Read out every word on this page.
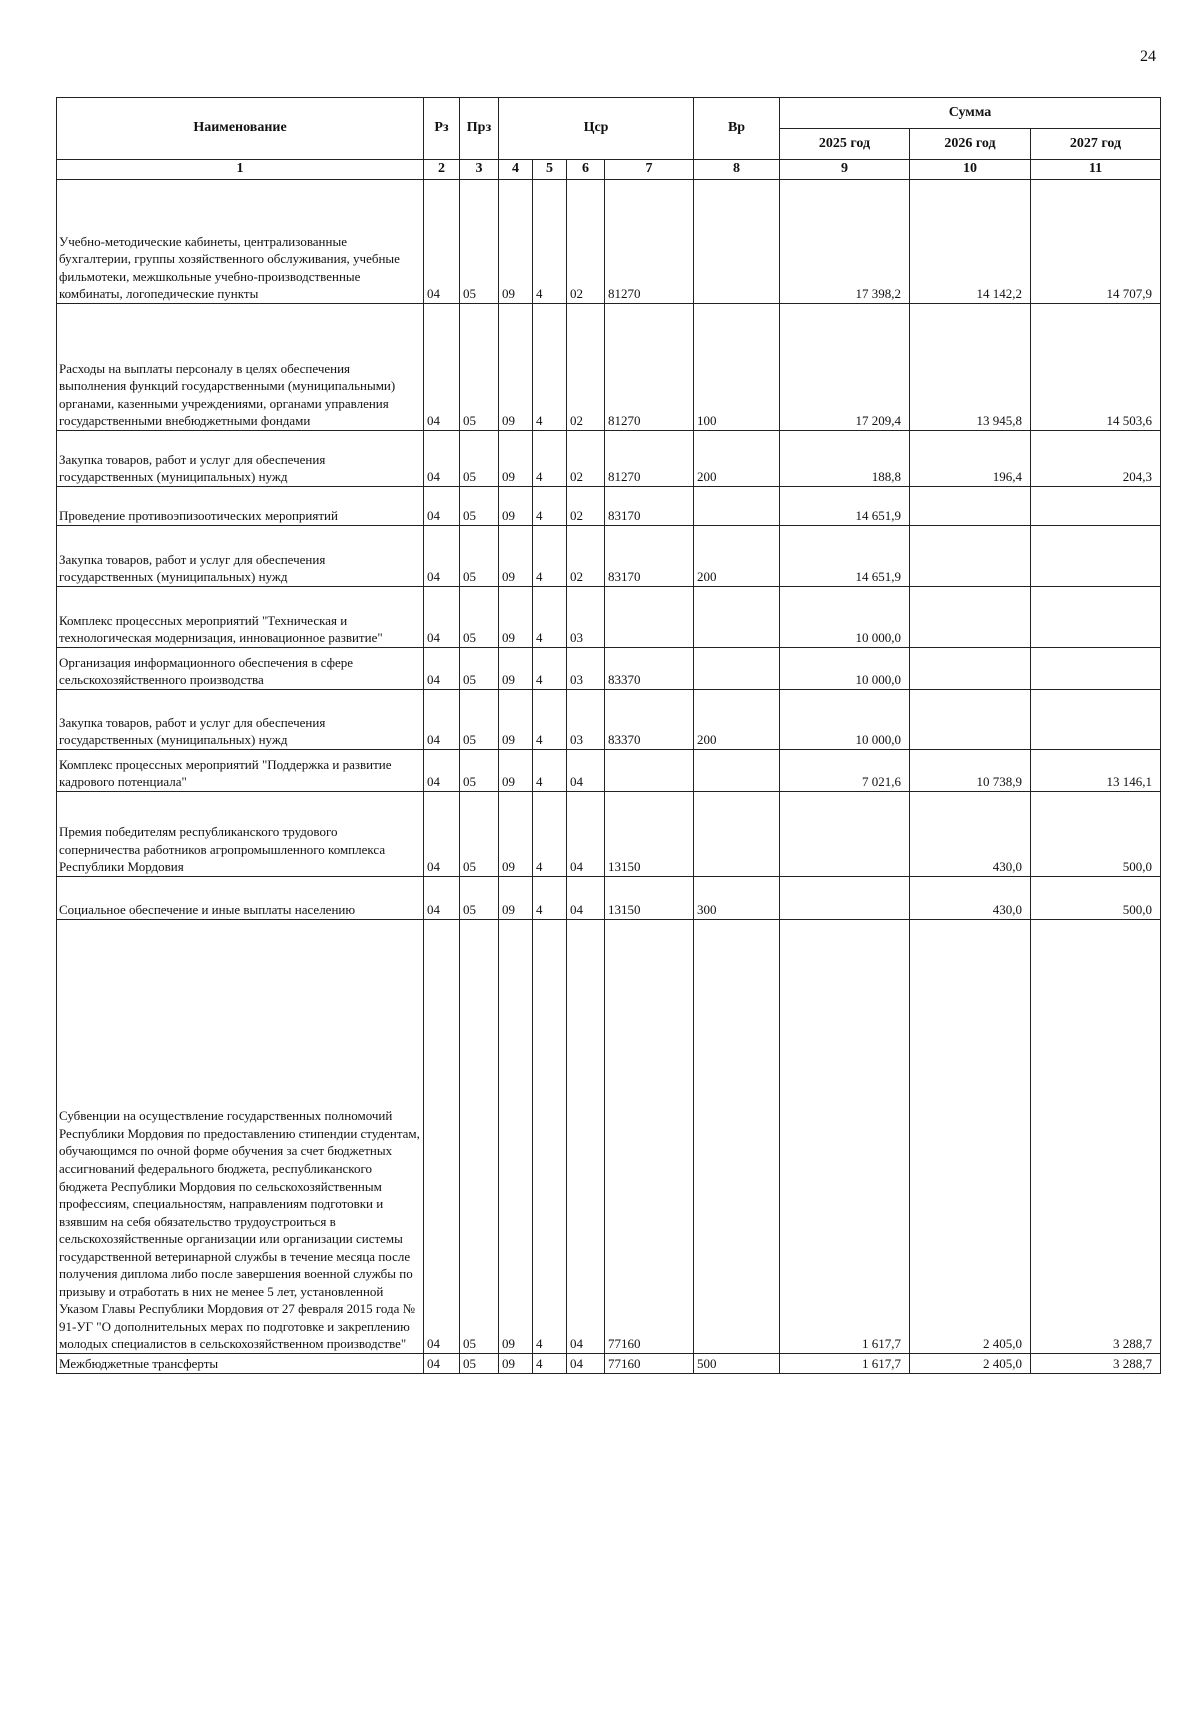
24
Наименование	Рз	Прз	Цср				Вр	Сумма		
								2025 год	2026 год	2027 год
1	2	3	4	5	6	7	8	9	10	11
Учебно-методические кабинеты, централизованные бухгалтерии, группы хозяйственного обслуживания, учебные фильмотеки, межшкольные учебно-производственные комбинаты, логопедические пункты	04	05	09	4	02	81270		17 398,2	14 142,2	14 707,9
Расходы на выплаты персоналу в целях обеспечения выполнения функций государственными (муниципальными) органами, казенными учреждениями, органами управления государственными внебюджетными фондами	04	05	09	4	02	81270	100	17 209,4	13 945,8	14 503,6
Закупка товаров, работ и услуг для обеспечения государственных (муниципальных) нужд	04	05	09	4	02	81270	200	188,8	196,4	204,3
Проведение противоэпизоотических мероприятий	04	05	09	4	02	83170		14 651,9		
Закупка товаров, работ и услуг для обеспечения государственных (муниципальных) нужд	04	05	09	4	02	83170	200	14 651,9		
Комплекс процессных мероприятий "Техническая и технологическая модернизация, инновационное развитие"	04	05	09	4	03			10 000,0		
Организация информационного обеспечения в сфере сельскохозяйственного производства	04	05	09	4	03	83370		10 000,0		
Закупка товаров, работ и услуг для обеспечения государственных (муниципальных) нужд	04	05	09	4	03	83370	200	10 000,0		
Комплекс процессных мероприятий "Поддержка и развитие кадрового потенциала"	04	05	09	4	04			7 021,6	10 738,9	13 146,1
Премия победителям республиканского трудового соперничества работников агропромышленного комплекса Республики Мордовия	04	05	09	4	04	13150			430,0	500,0
Социальное обеспечение и иные выплаты населению	04	05	09	4	04	13150	300		430,0	500,0
Субвенции на осуществление государственных полномочий Республики Мордовия по предоставлению стипендии студентам, обучающимся по очной форме обучения за счет бюджетных ассигнований федерального бюджета, республиканского бюджета Республики Мордовия по сельскохозяйственным профессиям, специальностям, направлениям подготовки и взявшим на себя обязательство трудоустроиться в сельскохозяйственные организации или организации системы государственной ветеринарной службы в течение месяца после получения диплома либо после завершения военной службы по призыву и отработать в них не менее 5 лет, установленной Указом Главы Республики Мордовия от 27 февраля 2015 года № 91-УГ "О дополнительных мерах по подготовке и закреплению молодых специалистов в сельскохозяйственном производстве"	04	05	09	4	04	77160		1 617,7	2 405,0	3 288,7
Межбюджетные трансферты	04	05	09	4	04	77160	500	1 617,7	2 405,0	3 288,7
